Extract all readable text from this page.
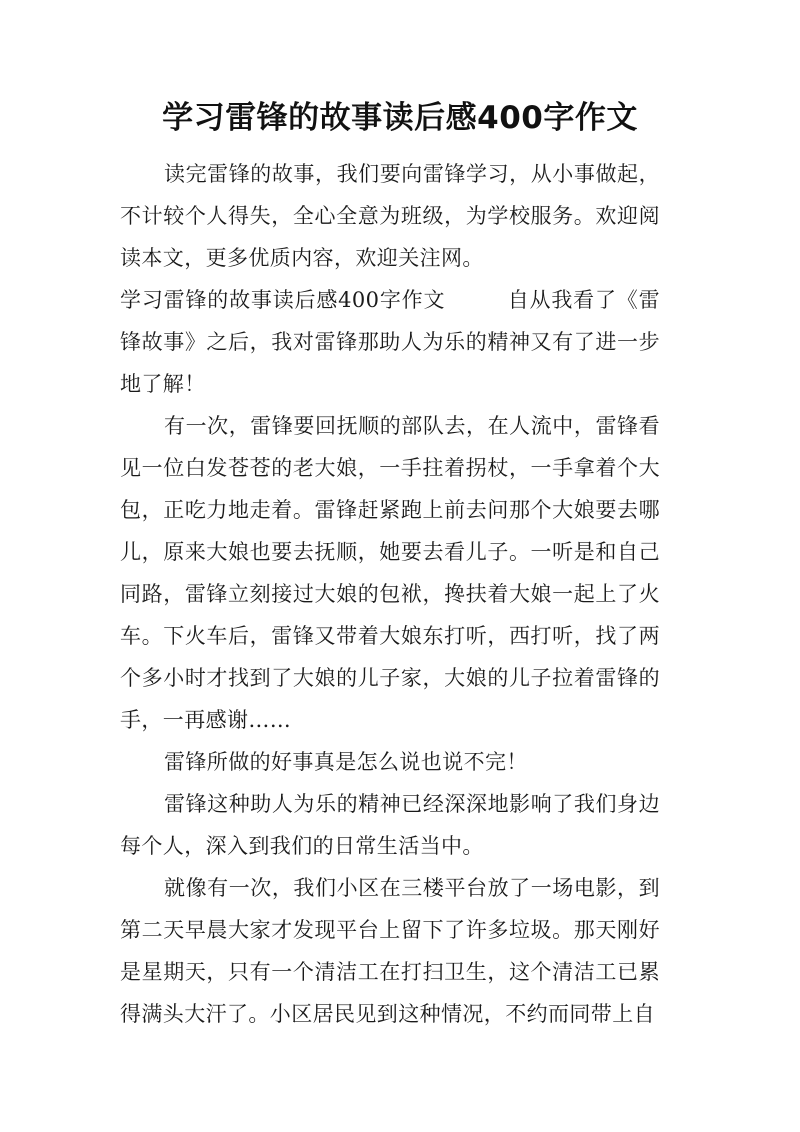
学习雷锋的故事读后感400字作文

读完雷锋的故事，我们要向雷锋学习，从小事做起，不计较个人得失，全心全意为班级，为学校服务。欢迎阅读本文，更多优质内容，欢迎关注网。

学习雷锋的故事读后感400字作文	自从我看了《雷锋故事》之后，我对雷锋那助人为乐的精神又有了进一步地了解！

有一次，雷锋要回抚顺的部队去，在人流中，雷锋看见一位白发苍苍的老大娘，一手拄着拐杖，一手拿着个大包，正吃力地走着。雷锋赶紧跑上前去问那个大娘要去哪儿，原来大娘也要去抚顺，她要去看儿子。一听是和自己同路，雷锋立刻接过大娘的包袱，搀扶着大娘一起上了火车。下火车后，雷锋又带着大娘东打听，西打听，找了两个多小时才找到了大娘的儿子家，大娘的儿子拉着雷锋的手，一再感谢……

雷锋所做的好事真是怎么说也说不完！

雷锋这种助人为乐的精神已经深深地影响了我们身边每个人，深入到我们的日常生活当中。

就像有一次，我们小区在三楼平台放了一场电影，到第二天早晨大家才发现平台上留下了许多垃圾。那天刚好是星期天，只有一个清洁工在打扫卫生，这个清洁工已累得满头大汗了。小区居民见到这种情况，不约而同带上自
